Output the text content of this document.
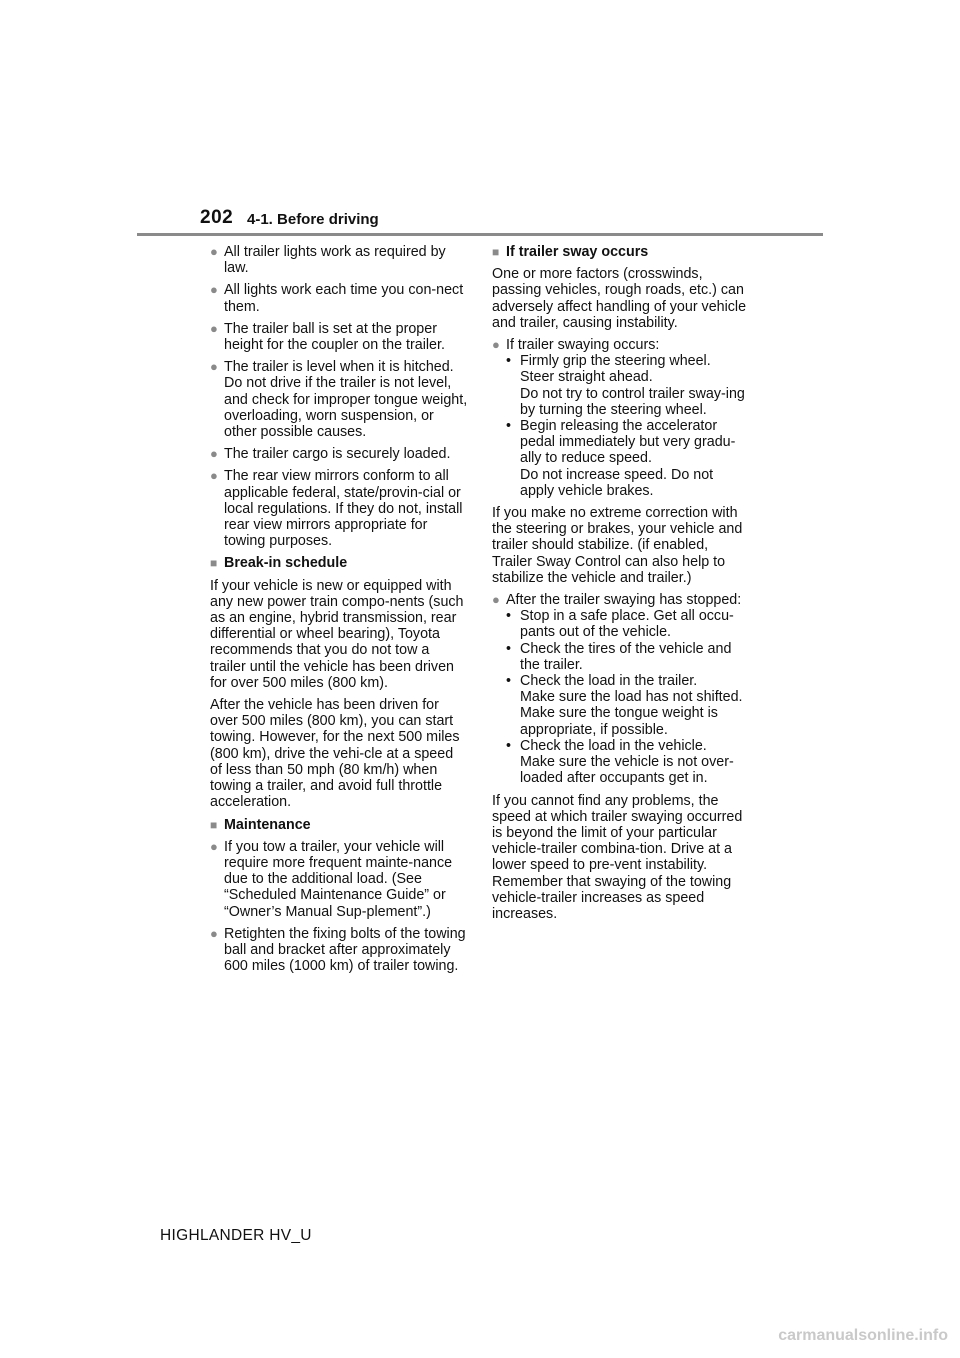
202 4-1. Before driving
● All trailer lights work as required by law.
● All lights work each time you con-nect them.
● The trailer ball is set at the proper height for the coupler on the trailer.
● The trailer is level when it is hitched.
Do not drive if the trailer is not level, and check for improper tongue weight, overloading, worn suspension, or other possible causes.
● The trailer cargo is securely loaded.
● The rear view mirrors conform to all applicable federal, state/provin-cial or local regulations. If they do not, install rear view mirrors appropriate for towing purposes.
■ Break-in schedule

If your vehicle is new or equipped with any new power train compo-nents (such as an engine, hybrid transmission, rear differential or wheel bearing), Toyota recommends that you do not tow a trailer until the vehicle has been driven for over 500 miles (800 km).

After the vehicle has been driven for over 500 miles (800 km), you can start towing. However, for the next 500 miles (800 km), drive the vehi-cle at a speed of less than 50 mph (80 km/h) when towing a trailer, and avoid full throttle acceleration.

■ Maintenance
● If you tow a trailer, your vehicle will require more frequent mainte-nance due to the additional load. (See “Scheduled Maintenance Guide” or “Owner’s Manual Sup-plement”.)
● Retighten the fixing bolts of the towing ball and bracket after approximately 600 miles (1000 km) of trailer towing.
■ If trailer sway occurs

One or more factors (crosswinds, passing vehicles, rough roads, etc.) can adversely affect handling of your vehicle and trailer, causing instability.

● If trailer swaying occurs:
• Firmly grip the steering wheel.
Steer straight ahead.
Do not try to control trailer sway-ing by turning the steering wheel.
• Begin releasing the accelerator pedal immediately but very gradu-ally to reduce speed.
Do not increase speed. Do not apply vehicle brakes.

If you make no extreme correction with the steering or brakes, your vehicle and trailer should stabilize. (if enabled, Trailer Sway Control can also help to stabilize the vehicle and trailer.)

● After the trailer swaying has stopped:
• Stop in a safe place. Get all occu-pants out of the vehicle.
• Check the tires of the vehicle and the trailer.
• Check the load in the trailer.
Make sure the load has not shifted.
Make sure the tongue weight is appropriate, if possible.
• Check the load in the vehicle.
Make sure the vehicle is not over-loaded after occupants get in.

If you cannot find any problems, the speed at which trailer swaying occurred is beyond the limit of your particular vehicle-trailer combina-tion. Drive at a lower speed to pre-vent instability. Remember that swaying of the towing vehicle-trailer increases as speed increases.

HIGHLANDER HV_U
carmanualsonline.info
